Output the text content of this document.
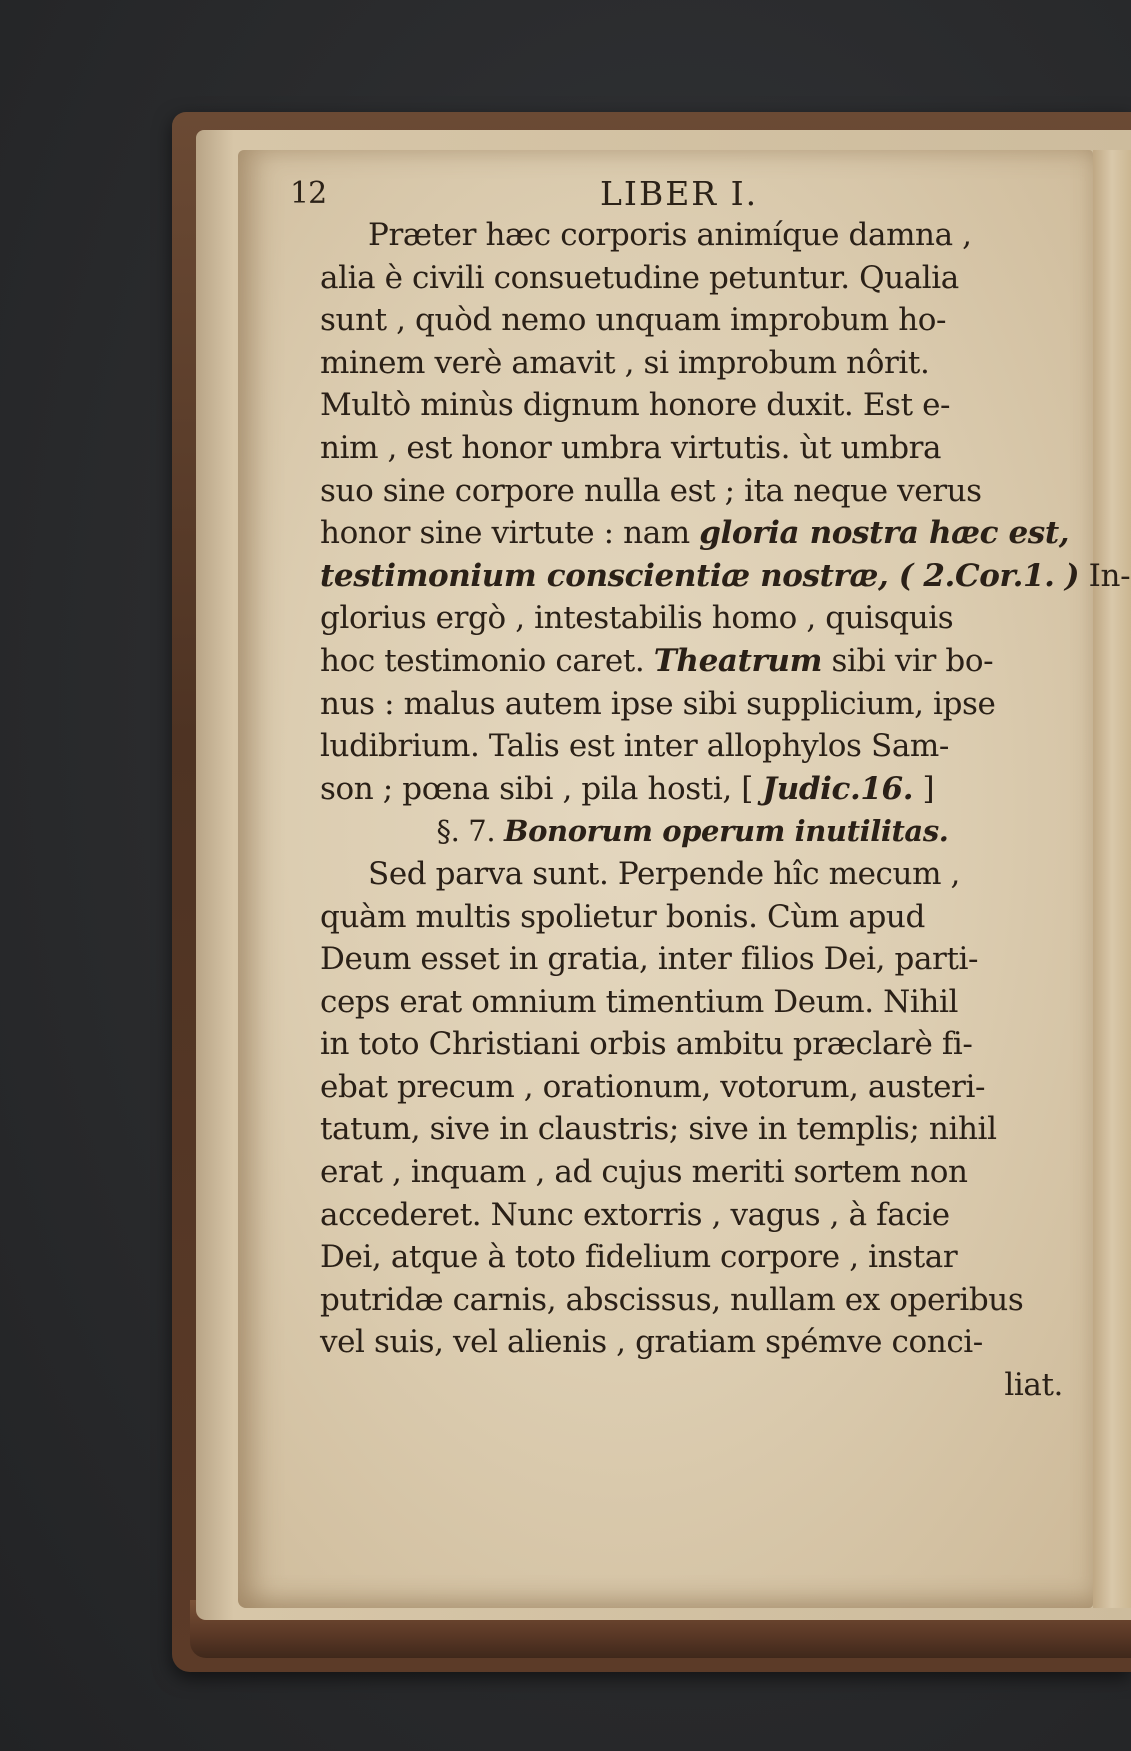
12	LIBER I.
Præter hæc corporis animíque damna ,
alia è civili consuetudine petuntur. Qualia
sunt , quòd nemo unquam improbum ho-
minem verè amavit , si improbum nôrit.
Multò minùs dignum honore duxit. Est e-
nim , est honor umbra virtutis. ùt umbra
suo sine corpore nulla est ; ita neque verus
honor sine virtute : nam gloria nostra hæc est,
testimonium conscientiæ nostræ, ( 2.Cor.1. ) In-
glorius ergò , intestabilis homo , quisquis
hoc testimonio caret. Theatrum sibi vir bo-
nus : malus autem ipse sibi supplicium, ipse
ludibrium. Talis est inter allophylos Sam-
son ; pœna sibi , pila hosti, [ Judic.16. ]
§. 7. Bonorum operum inutilitas.
Sed parva sunt. Perpende hîc mecum ,
quàm multis spolietur bonis. Cùm apud
Deum esset in gratia, inter filios Dei, parti-
ceps erat omnium timentium Deum. Nihil
in toto Christiani orbis ambitu præclarè fi-
ebat precum , orationum, votorum, austeri-
tatum, sive in claustris; sive in templis; nihil
erat , inquam , ad cujus meriti sortem non
accederet. Nunc extorris , vagus , à facie
Dei, atque à toto fidelium corpore , instar
putridæ carnis, abscissus, nullam ex operibus
vel suis, vel alienis , gratiam spémve conci-
liat.
